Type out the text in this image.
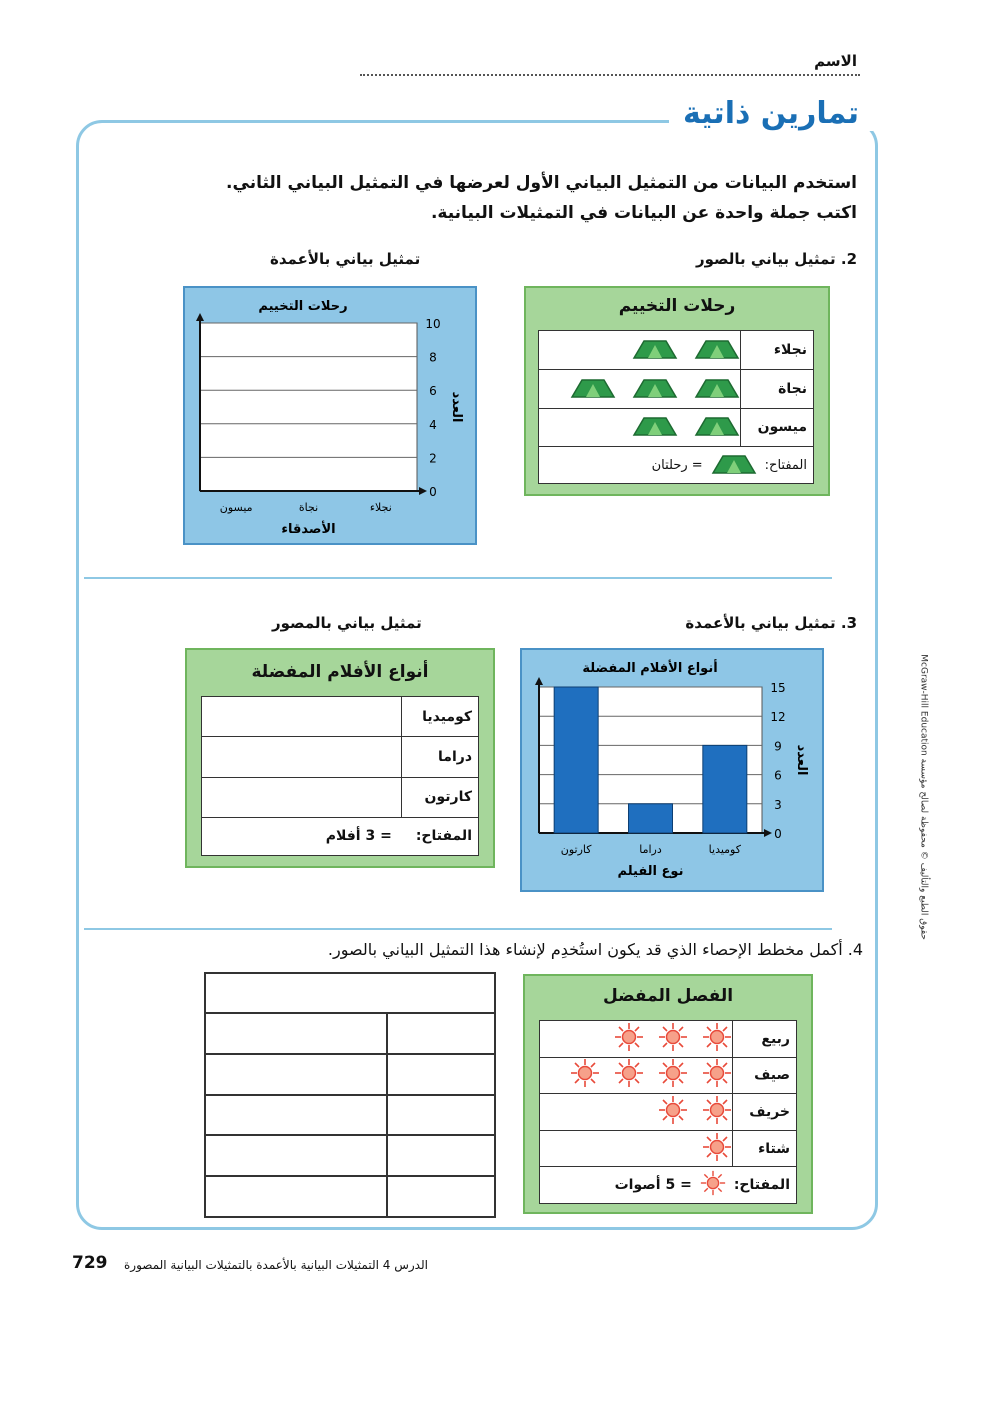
الاسم
تمارين ذاتية
استخدم البيانات من التمثيل البياني الأول لعرضها في التمثيل البياني الثاني.
اكتب جملة واحدة عن البيانات في التمثيلات البيانية.
2. تمثيل بياني بالصور
تمثيل بياني بالأعمدة
رحلات التخييم
نجلاء	

نجاة	

ميسون	

المفتاح:
= رحلتان	
رحلات التخييم
0
2
4
6
8
10
ميسون	نجاة	نجلاء
الأصدقاء
العدد
3. تمثيل بياني بالأعمدة
تمثيل بياني بالمصور
أنواع الأفلام المفضلة
0
3
6
9
12
15
كارتون	دراما	كوميديا
نوع الفيلم
العدد
أنواع الأفلام المفضلة
كوميديا	
دراما	
كارتون	

المفتاح:
= 3 أفلام	
4. أكمل مخطط الإحصاء الذي قد يكون استُخدِم لإنشاء هذا التمثيل البياني بالصور.
الفصل المفضل
ربيع	

صيف	

خريف	

شتاء	

المفتاح:
= 5 أصوات	

729 الدرس 4 التمثيلات البيانية بالأعمدة بالتمثيلات البيانية المصورة
حقوق الطبع والتأليف © محفوظة لصالح مؤسسة McGraw-Hill Education
